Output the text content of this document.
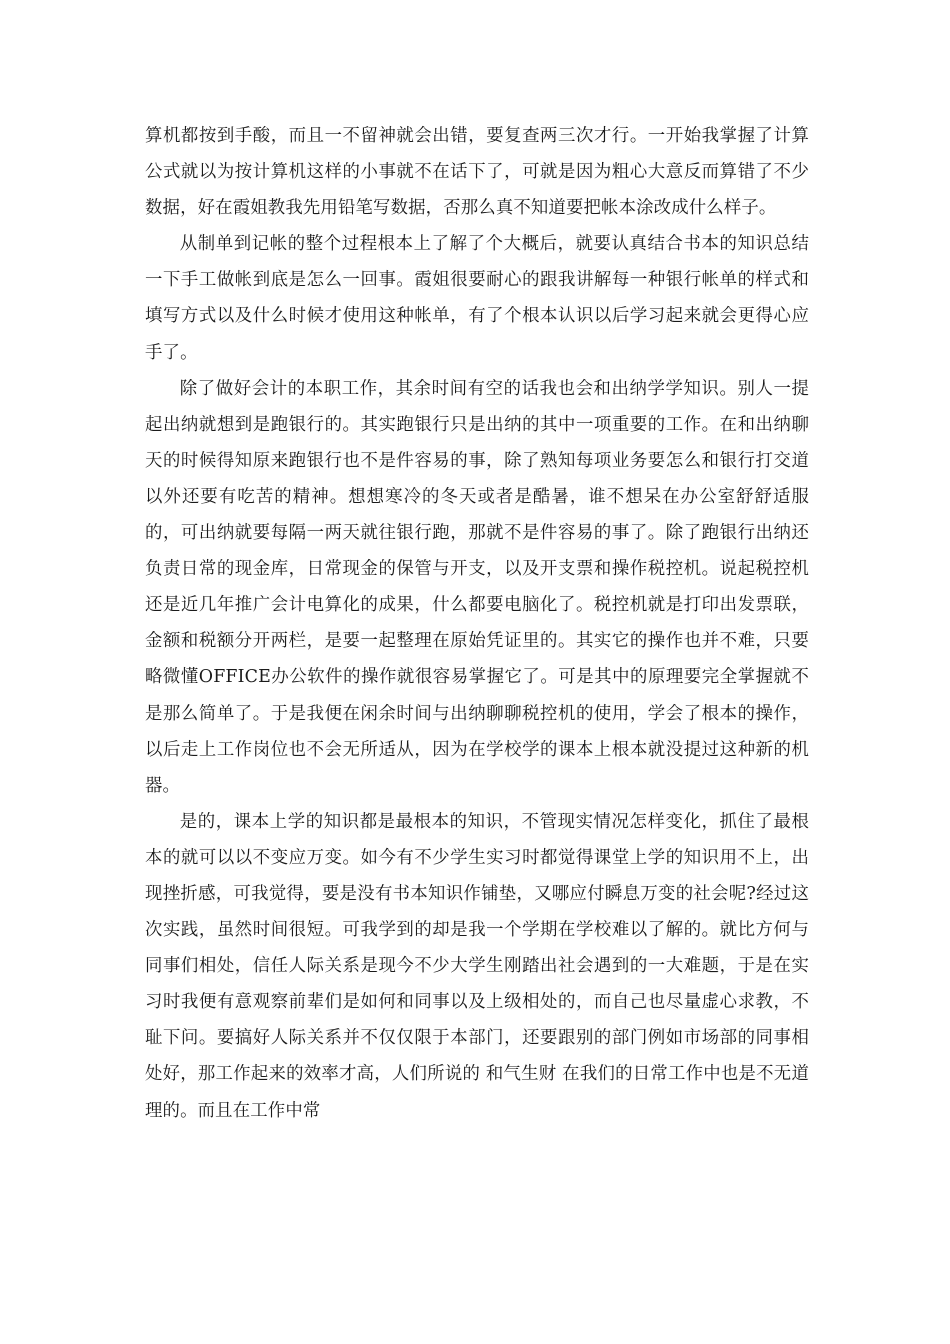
算机都按到手酸，而且一不留神就会出错，要复查两三次才行。一开始我掌握了计算公式就以为按计算机这样的小事就不在话下了，可就是因为粗心大意反而算错了不少数据，好在霞姐教我先用铅笔写数据，否那么真不知道要把帐本涂改成什么样子。

从制单到记帐的整个过程根本上了解了个大概后，就要认真结合书本的知识总结一下手工做帐到底是怎么一回事。霞姐很要耐心的跟我讲解每一种银行帐单的样式和填写方式以及什么时候才使用这种帐单，有了个根本认识以后学习起来就会更得心应手了。

除了做好会计的本职工作，其余时间有空的话我也会和出纳学学知识。别人一提起出纳就想到是跑银行的。其实跑银行只是出纳的其中一项重要的工作。在和出纳聊天的时候得知原来跑银行也不是件容易的事，除了熟知每项业务要怎么和银行打交道以外还要有吃苦的精神。想想寒冷的冬天或者是酷暑，谁不想呆在办公室舒舒适服的，可出纳就要每隔一两天就往银行跑，那就不是件容易的事了。除了跑银行出纳还负责日常的现金库，日常现金的保管与开支，以及开支票和操作税控机。说起税控机还是近几年推广会计电算化的成果，什么都要电脑化了。税控机就是打印出发票联，金额和税额分开两栏，是要一起整理在原始凭证里的。其实它的操作也并不难，只要略微懂OFFICE办公软件的操作就很容易掌握它了。可是其中的原理要完全掌握就不是那么简单了。于是我便在闲余时间与出纳聊聊税控机的使用，学会了根本的操作，以后走上工作岗位也不会无所适从，因为在学校学的课本上根本就没提过这种新的机器。

是的，课本上学的知识都是最根本的知识，不管现实情况怎样变化，抓住了最根本的就可以以不变应万变。如今有不少学生实习时都觉得课堂上学的知识用不上，出现挫折感，可我觉得，要是没有书本知识作铺垫，又哪应付瞬息万变的社会呢?经过这次实践，虽然时间很短。可我学到的却是我一个学期在学校难以了解的。就比方何与同事们相处，信任人际关系是现今不少大学生刚踏出社会遇到的一大难题，于是在实习时我便有意观察前辈们是如何和同事以及上级相处的，而自己也尽量虚心求教，不耻下问。要搞好人际关系并不仅仅限于本部门，还要跟别的部门例如市场部的同事相处好，那工作起来的效率才高，人们所说的 和气生财 在我们的日常工作中也是不无道理的。而且在工作中常
